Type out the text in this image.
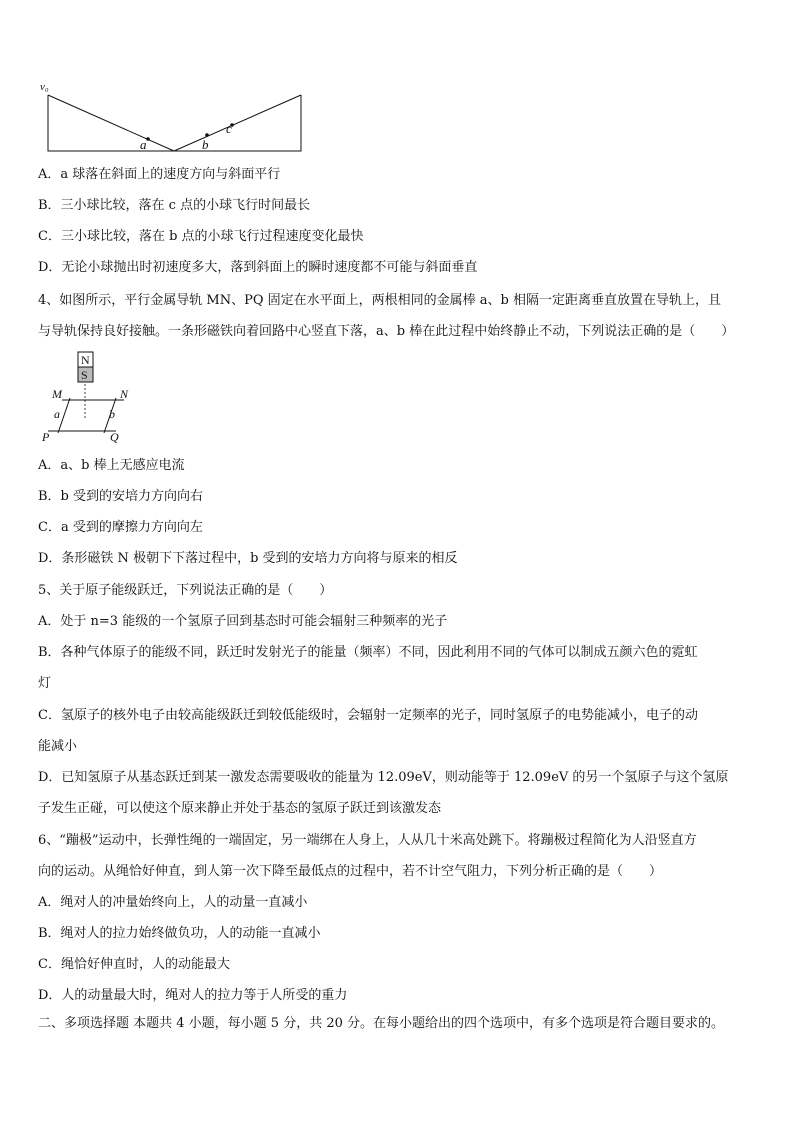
v₀
a	b
c
A．a 球落在斜面上的速度方向与斜面平行
B．三小球比较，落在 c 点的小球飞行时间最长
C．三小球比较，落在 b 点的小球飞行过程速度变化最快
D．无论小球抛出时初速度多大，落到斜面上的瞬时速度都不可能与斜面垂直
4、如图所示，平行金属导轨 MN、PQ 固定在水平面上，两根相同的金属棒 a、b 相隔一定距离垂直放置在导轨上，且
与导轨保持良好接触。一条形磁铁向着回路中心竖直下落，a、b 棒在此过程中始终静止不动，下列说法正确的是（　　）
N
S
M	N
P	Q
a	b
A．a、b 棒上无感应电流
B．b 受到的安培力方向向右
C．a 受到的摩擦力方向向左
D．条形磁铁 N 极朝下下落过程中，b 受到的安培力方向将与原来的相反
5、关于原子能级跃迁，下列说法正确的是（　　）
A．处于 n=3 能级的一个氢原子回到基态时可能会辐射三种频率的光子
B．各种气体原子的能级不同，跃迁时发射光子的能量（频率）不同，因此利用不同的气体可以制成五颜六色的霓虹
灯
C．氢原子的核外电子由较高能级跃迁到较低能级时，会辐射一定频率的光子，同时氢原子的电势能减小，电子的动
能减小
D．已知氢原子从基态跃迁到某一激发态需要吸收的能量为 12.09eV，则动能等于 12.09eV 的另一个氢原子与这个氢原
子发生正碰，可以使这个原来静止并处于基态的氢原子跃迁到该激发态
6、“蹦极”运动中，长弹性绳的一端固定，另一端绑在人身上，人从几十米高处跳下。将蹦极过程简化为人沿竖直方
向的运动。从绳恰好伸直，到人第一次下降至最低点的过程中，若不计空气阻力，下列分析正确的是（　　）
A．绳对人的冲量始终向上，人的动量一直减小
B．绳对人的拉力始终做负功，人的动能一直减小
C．绳恰好伸直时，人的动能最大
D．人的动量最大时，绳对人的拉力等于人所受的重力
二、多项选择题 本题共 4 小题，每小题 5 分，共 20 分。在每小题给出的四个选项中，有多个选项是符合题目要求的。
